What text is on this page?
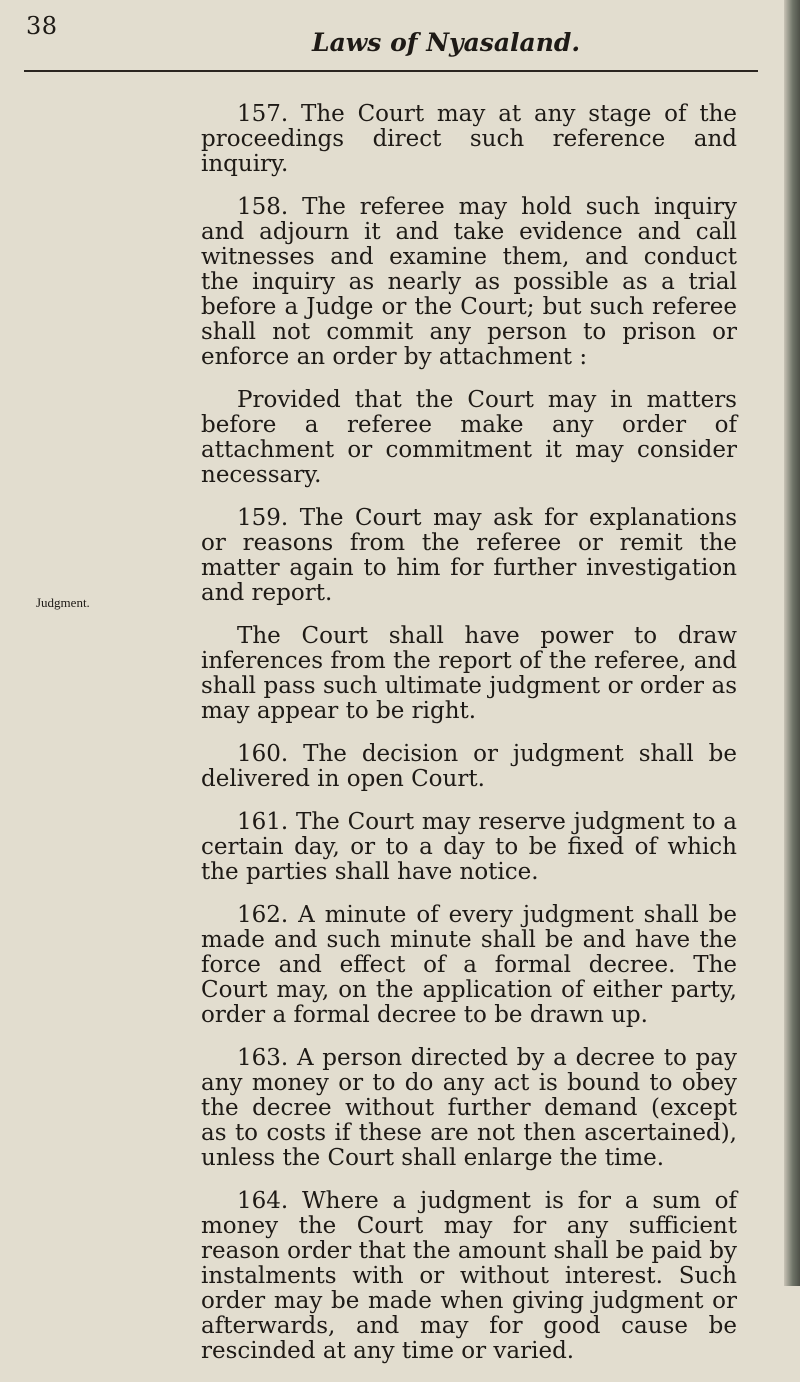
38
Laws of Nyasaland.
Judgment.

157. The Court may at any stage of the proceedings direct such reference and inquiry.

158. The referee may hold such inquiry and adjourn it and take evidence and call witnesses and examine them, and conduct the inquiry as nearly as possible as a trial before a Judge or the Court; but such referee shall not commit any person to prison or enforce an order by attachment :

Provided that the Court may in matters before a referee make any order of attachment or commitment it may consider necessary.

159. The Court may ask for explanations or reasons from the referee or remit the matter again to him for further investigation and report.

The Court shall have power to draw inferences from the report of the referee, and shall pass such ultimate judgment or order as may appear to be right.

160. The decision or judgment shall be delivered in open Court.

161. The Court may reserve judgment to a certain day, or to a day to be fixed of which the parties shall have notice.

162. A minute of every judgment shall be made and such minute shall be and have the force and effect of a formal decree. The Court may, on the application of either party, order a formal decree to be drawn up.

163. A person directed by a decree to pay any money or to do any act is bound to obey the decree without further demand (except as to costs if these are not then ascertained), unless the Court shall enlarge the time.

164. Where a judgment is for a sum of money the Court may for any sufficient reason order that the amount shall be paid by instalments with or without interest. Such order may be made when giving judgment or afterwards, and may for good cause be rescinded at any time or varied.
